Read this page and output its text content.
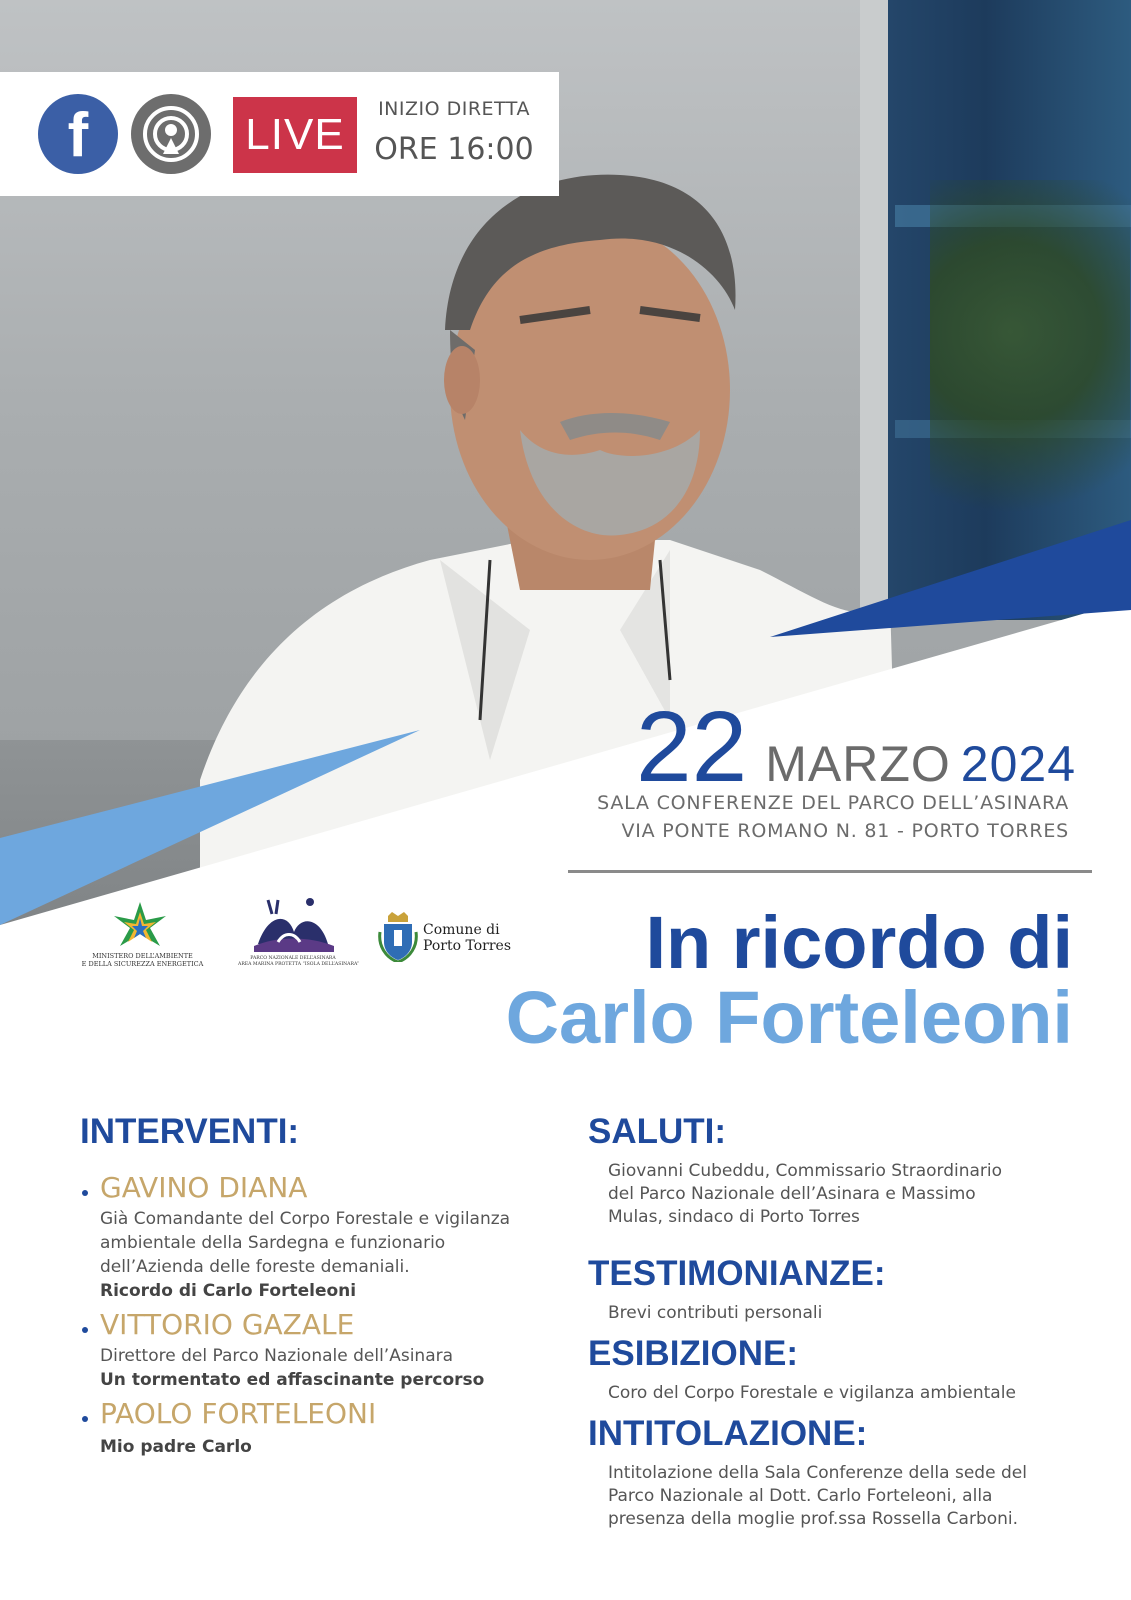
f	LIVE
INIZIO DIRETTA
ORE 16:00
22 MARZO 2024
SALA CONFERENZE DEL PARCO DELL’ASINARA
VIA PONTE ROMANO N. 81 - PORTO TORRES
MINISTERO DELL’AMBIENTE
E DELLA SICUREZZA ENERGETICA
PARCO NAZIONALE DELL’ASINARA
AREA MARINA PROTETTA “ISOLA DELL’ASINARA”
Comune di
Porto Torres In ricordo di
Carlo Forteleoni
INTERVENTI:
GAVINO DIANA
Già Comandante del Corpo Forestale e vigilanza
ambientale della Sardegna e funzionario
dell’Azienda delle foreste demaniali.
Ricordo di Carlo Forteleoni
VITTORIO GAZALE
Direttore del Parco Nazionale dell’Asinara
Un tormentato ed affascinante percorso
PAOLO FORTELEONI
Mio padre Carlo
SALUTI:
Giovanni Cubeddu, Commissario Straordinario
del Parco Nazionale dell’Asinara e Massimo
Mulas, sindaco di Porto Torres
TESTIMONIANZE:
Brevi contributi personali
ESIBIZIONE:
Coro del Corpo Forestale e vigilanza ambientale
INTITOLAZIONE:
Intitolazione della Sala Conferenze della sede del
Parco Nazionale al Dott. Carlo Forteleoni, alla
presenza della moglie prof.ssa Rossella Carboni.
